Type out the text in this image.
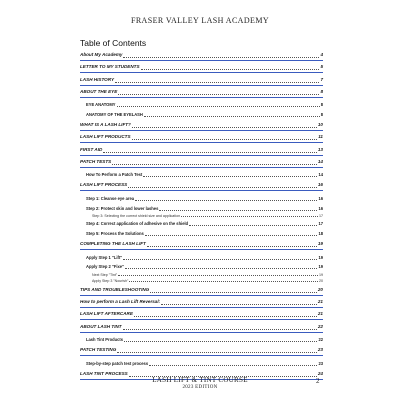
FRASER VALLEY LASH ACADEMY
Table of Contents
About My Academy	4
LETTER TO MY STUDENTS	5
LASH HISTORY	7
ABOUT THE EYE	8
EYE ANATOMY	8
ANATOMY OF THE EYELASH	8
WHAT IS A LASH LIFT?	10
LASH LIFT PRODUCTS	11
FIRST AID	13
PATCH TESTS	14
How To Perform a Patch Test	14
LASH LIFT PROCESS	16
Step 1: Cleanse eye area	16
Step 2: Protect skin and lower lashes	16
Step 3: Selecting the correct shield size and application	17
Step 4: Correct application of adhesive on the shield	17
Step 5: Process the Solutions	18
COMPLETING THE LASH LIFT	19
Apply Step 1 "Lift"	19
Apply Step 2 "Fixe"	19
Next Step "Tint"	19
Apply Step 3 "Nourish"	20
TIPS AND TROUBLESHOOTING	20
How to perform a Lash Lift Reversal:	21
LASH LIFT AFTERCARE	21
ABOUT LASH TINT	22
Lash Tint Products	22
PATCH TESTING	23
Step-by-step patch test process	23
LASH TINT PROCESS	24
LASH LIFT & TINT COURSE
2023 EDITION
2
